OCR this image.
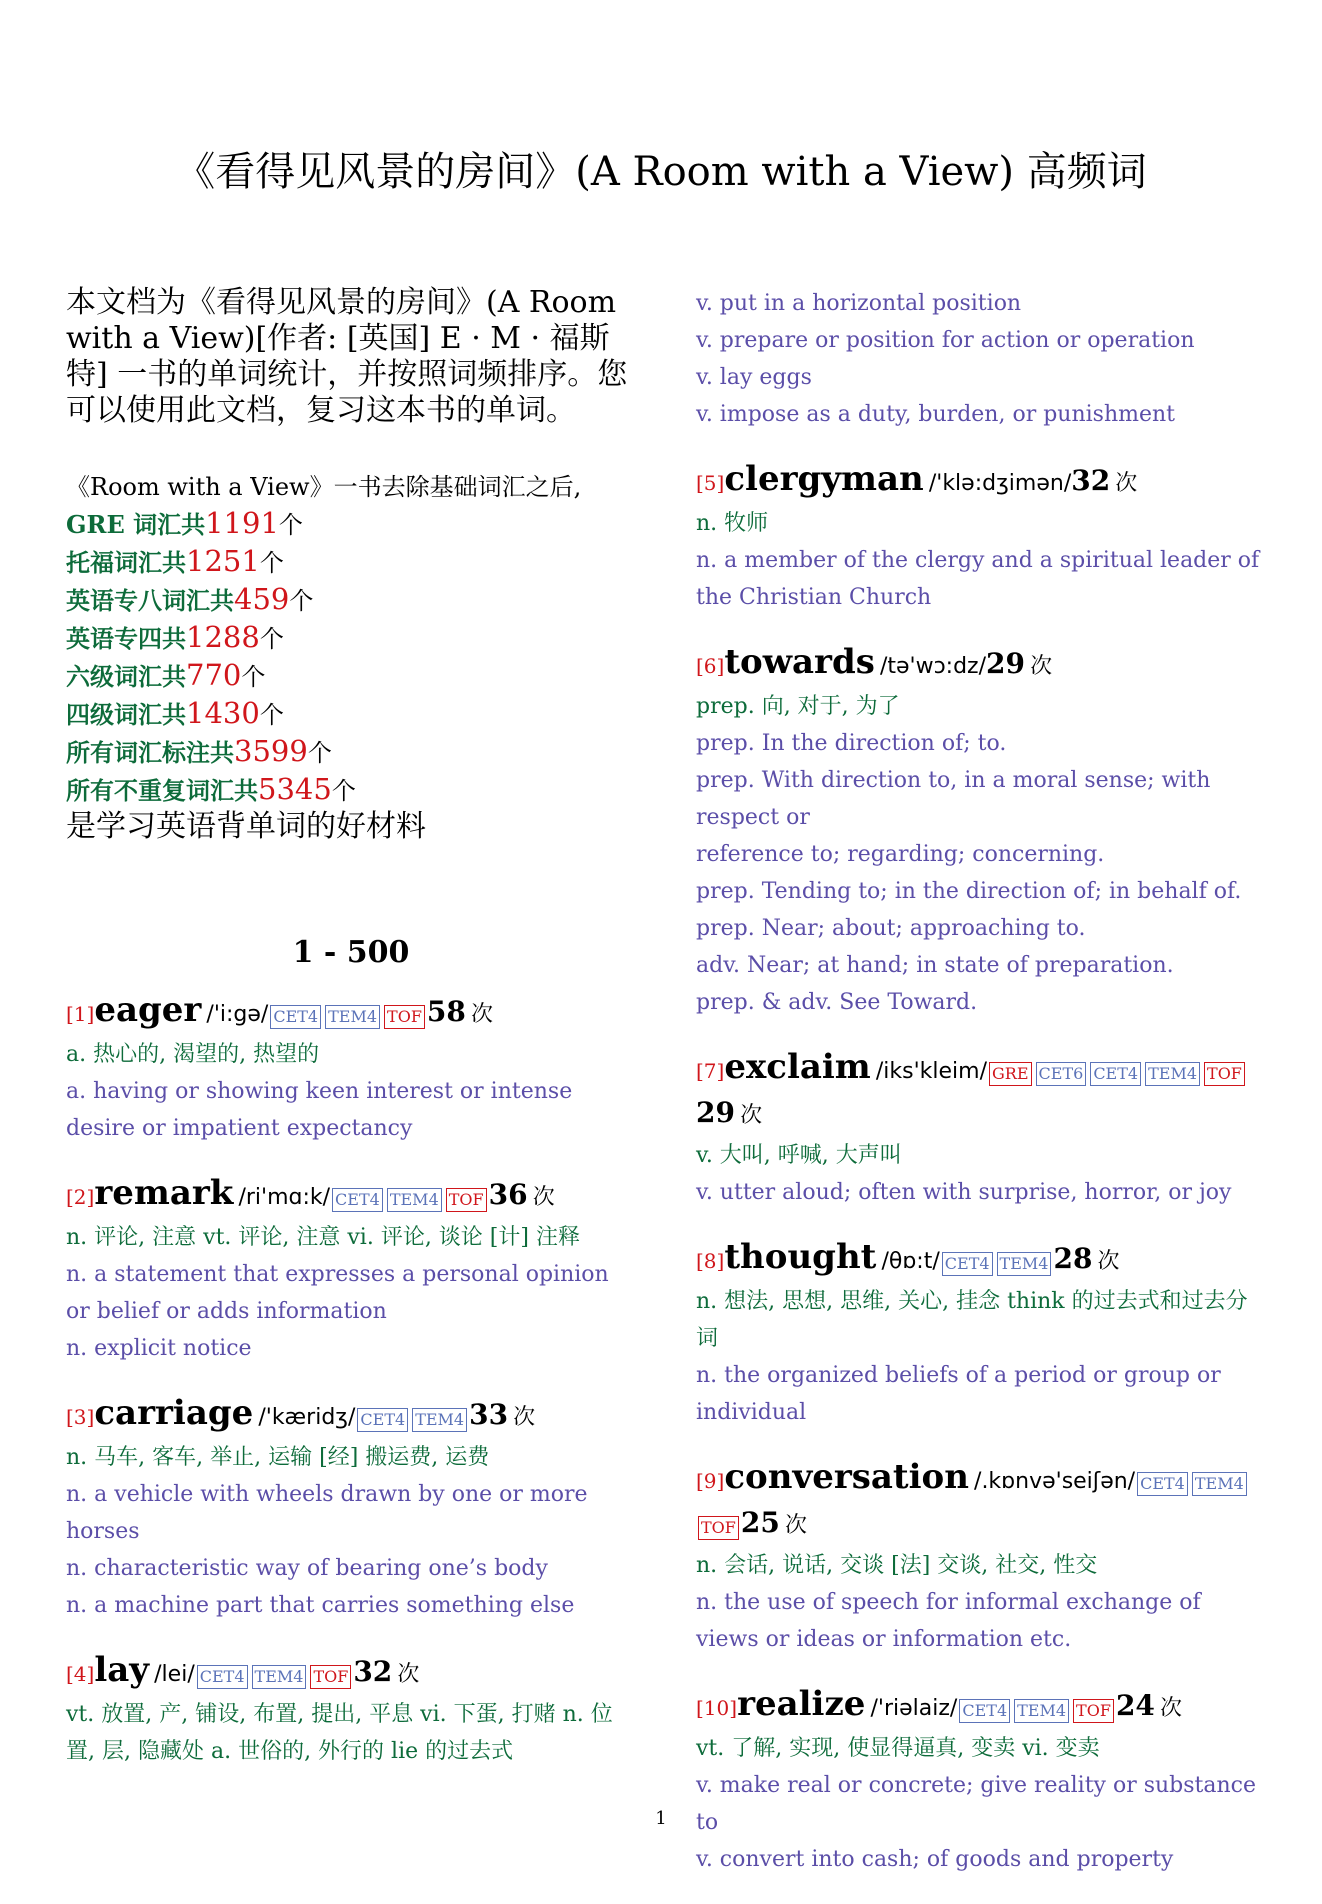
《看得见风景的房间》(A Room with a View) 高频词
本文档为《看得见风景的房间》(A Room with a View)[作者: [英国] E · M · 福斯特] 一书的单词统计，并按照词频排序。您可以使用此文档，复习这本书的单词。
《Room with a View》一书去除基础词汇之后,
GRE 词汇共1191个
托福词汇共1251个
英语专八词汇共459个
英语专四共1288个
六级词汇共770个
四级词汇共1430个
所有词汇标注共3599个
所有不重复词汇共5345个
是学习英语背单词的好材料
1 - 500
[1]eager /'i:gə/ CET4 TEM4 TOF 58 次
a. 热心的, 渴望的, 热望的
a. having or showing keen interest or intense desire or impatient expectancy
[2]remark /ri'mɑ:k/ CET4 TEM4 TOF 36 次
n. 评论, 注意 vt. 评论, 注意 vi. 评论, 谈论 [计] 注释
n. a statement that expresses a personal opinion or belief or adds information
n. explicit notice
[3]carriage /'kæridʒ/ CET4 TEM4 33 次
n. 马车, 客车, 举止, 运输 [经] 搬运费, 运费
n. a vehicle with wheels drawn by one or more horses
n. characteristic way of bearing one’s body
n. a machine part that carries something else
[4]lay /lei/ CET4 TEM4 TOF 32 次
vt. 放置, 产, 铺设, 布置, 提出, 平息 vi. 下蛋, 打赌 n. 位置, 层, 隐藏处 a. 世俗的, 外行的 lie 的过去式
v. put in a horizontal position
v. prepare or position for action or operation
v. lay eggs
v. impose as a duty, burden, or punishment
[5]clergyman /'klə:dʒimən/32 次
n. 牧师
n. a member of the clergy and a spiritual leader of the Christian Church
[6]towards /tə'wɔ:dz/29 次
prep. 向, 对于, 为了
prep. In the direction of; to.
prep. With direction to, in a moral sense; with respect or
reference to; regarding; concerning.
prep. Tending to; in the direction of; in behalf of.
prep. Near; about; approaching to.
adv. Near; at hand; in state of preparation.
prep. & adv. See Toward.
[7]exclaim /iks'kleim/ GRE CET6 CET4 TEM4 TOF29 次
v. 大叫, 呼喊, 大声叫
v. utter aloud; often with surprise, horror, or joy
[8]thought /θɒ:t/ CET4 TEM4 28 次
n. 想法, 思想, 思维, 关心, 挂念 think 的过去式和过去分词
n. the organized beliefs of a period or group or individual
[9]conversation /.kɒnvə'seiʃən/ CET4 TEM4TOF 25 次
n. 会话, 说话, 交谈 [法] 交谈, 社交, 性交
n. the use of speech for informal exchange of views or ideas or information etc.
[10]realize /'riəlaiz/ CET4 TEM4 TOF 24 次
vt. 了解, 实现, 使显得逼真, 变卖 vi. 变卖
v. make real or concrete; give reality or substance to
v. convert into cash; of goods and property
1
